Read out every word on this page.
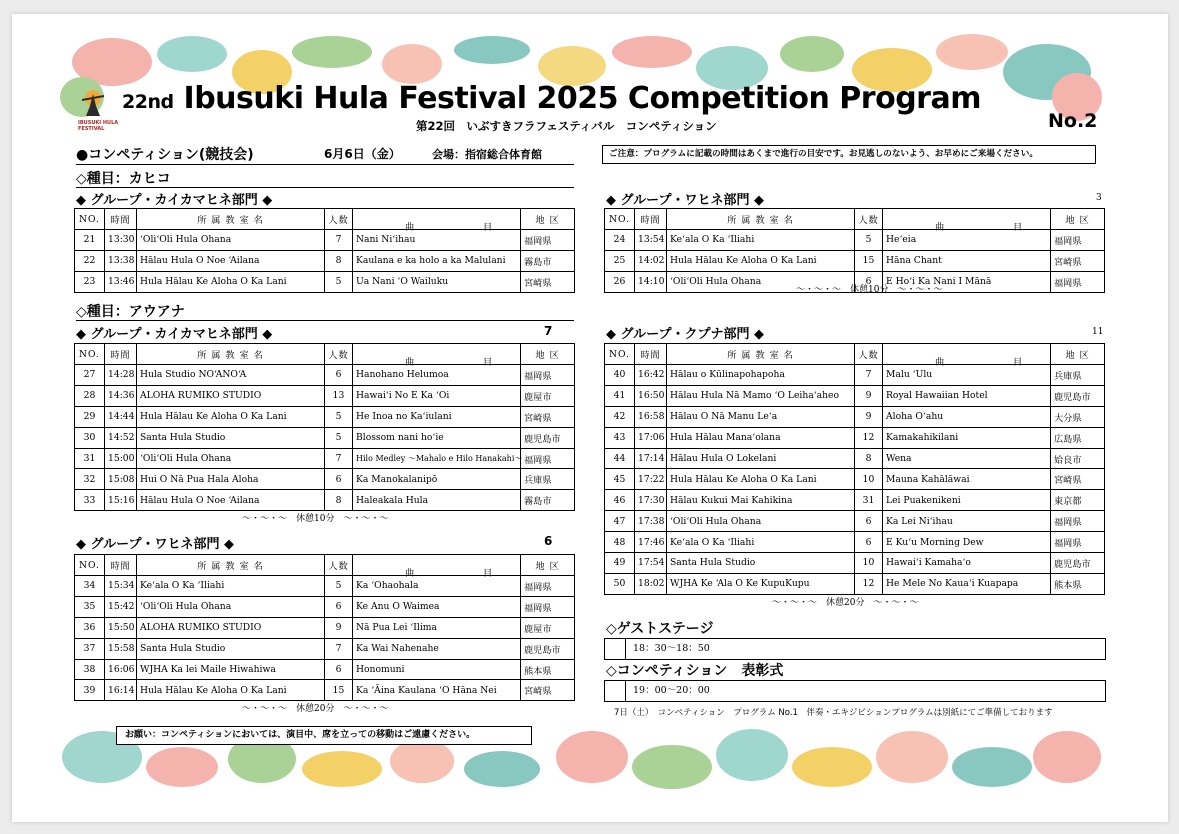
IBUSUKI HULA FESTIVAL
22nd Ibusuki Hula Festival 2025 Competition Program
第22回　いぶすきフラフェスティバル　コンペティション	No.2
●コンペティション(競技会)	6月6日（金）	会場：指宿総合体育館	ご注意：プログラムに記載の時間はあくまで進行の目安です。お見逃しのないよう、お早めにご来場ください。
◇種目：カヒコ
◆ グループ・カイカマヒネ部門 ◆
NO.	時間	所 属 教 室 名	人数	曲 目	地 区
21	13:30	ʻOliʻOli Hula Ohana	7	Nani Niʻihau	福岡県
22	13:38	Hālau Hula O Noe ʻAilana	8	Kaulana e ka holo a ka Malulani	霧島市
23	13:46	Hula Hālau Ke Aloha O Ka Lani	5	Ua Nani ʻO Wailuku	宮崎県
◆ グループ・ワヒネ部門 ◆	3
NO.	時間	所 属 教 室 名	人数	曲 目	地 区
24	13:54	Keʻala O Ka ʻIliahi	5	Heʻeia	福岡県
25	14:02	Hula Hālau Ke Aloha O Ka Lani	15	Hāna Chant	宮崎県
26	14:10	ʻOliʻOli Hula Ohana	6	E Hoʻi Ka Nani I Mānā	福岡県
～・～・～　休憩10分　～・～・～
◇種目：アウアナ
◆ グループ・カイカマヒネ部門 ◆	7
NO.	時間	所 属 教 室 名	人数	曲 目	地 区
27	14:28	Hula Studio NOʻANOʻA	6	Hanohano Helumoa	福岡県
28	14:36	ALOHA RUMIKO STUDIO	13	Hawaiʻi No E Ka ʻOi	鹿屋市
29	14:44	Hula Hālau Ke Aloha O Ka Lani	5	He Inoa no Kaʻiulani	宮崎県
30	14:52	Santa Hula Studio	5	Blossom nani hoʻie	鹿児島市
31	15:00	ʻOliʻOli Hula Ohana	7	Hilo Medley ～Mahalo e Hilo Hanakahi～	福岡県
32	15:08	Hui O Nā Pua Hala Aloha	6	Ka Manokalanipō	兵庫県
33	15:16	Hālau Hula O Noe ʻAilana	8	Haleakala Hula	霧島市
～・～・～　休憩10分　～・～・～
◆ グループ・ワヒネ部門 ◆	6
NO.	時間	所 属 教 室 名	人数	曲 目	地 区
34	15:34	Keʻala O Ka ʻIliahi	5	Ka ʻOhaohala	福岡県
35	15:42	ʻOliʻOli Hula Ohana	6	Ke Anu O Waimea	福岡県
36	15:50	ALOHA RUMIKO STUDIO	9	Nā Pua Lei ʻIlima	鹿屋市
37	15:58	Santa Hula Studio	7	Ka Wai Nahenahe	鹿児島市
38	16:06	WJHA Ka lei Maile Hiwahiwa	6	Honomuni	熊本県
39	16:14	Hula Hālau Ke Aloha O Ka Lani	15	Ka ʻĀina Kaulana ʻO Hāna Nei	宮崎県
～・～・～　休憩20分　～・～・～
◆ グループ・クプナ部門 ◆	11
NO.	時間	所 属 教 室 名	人数	曲 目	地 区
40	16:42	Hālau o Kūlinapohapoha	7	Malu ʻUlu	兵庫県
41	16:50	Hālau Hula Nā Mamo ʻO Leihaʻaheo	9	Royal Hawaiian Hotel	鹿児島市
42	16:58	Hālau O Nā Manu Leʻa	9	Aloha Oʻahu	大分県
43	17:06	Hula Hālau Manaʻolana	12	Kamakahikilani	広島県
44	17:14	Hālau Hula O Lokelani	8	Wena	姶良市
45	17:22	Hula Hālau Ke Aloha O Ka Lani	10	Mauna Kahālāwai	宮崎県
46	17:30	Hālau Kukui Mai Kahikina	31	Lei Puakenikeni	東京都
47	17:38	ʻOliʻOli Hula Ohana	6	Ka Lei Niʻihau	福岡県
48	17:46	Keʻala O Ka ʻIliahi	6	E Kuʻu Morning Dew	福岡県
49	17:54	Santa Hula Studio	10	Hawaiʻi Kamahaʻo	鹿児島市
50	18:02	WJHA Ke ʻAla O Ke KupuKupu	12	He Mele No Kauaʻi Kuapapa	熊本県
～・～・～　休憩20分　～・～・～
◇ゲストステージ
18：30～18：50
◇コンペティション　表彰式
19：00～20：00
7日（土）　コンペティション　プログラム No.1　伴奏・エキジビションプログラムは別紙にてご準備しております
お願い：コンペティションにおいては、演目中、席を立っての移動はご遠慮ください。
